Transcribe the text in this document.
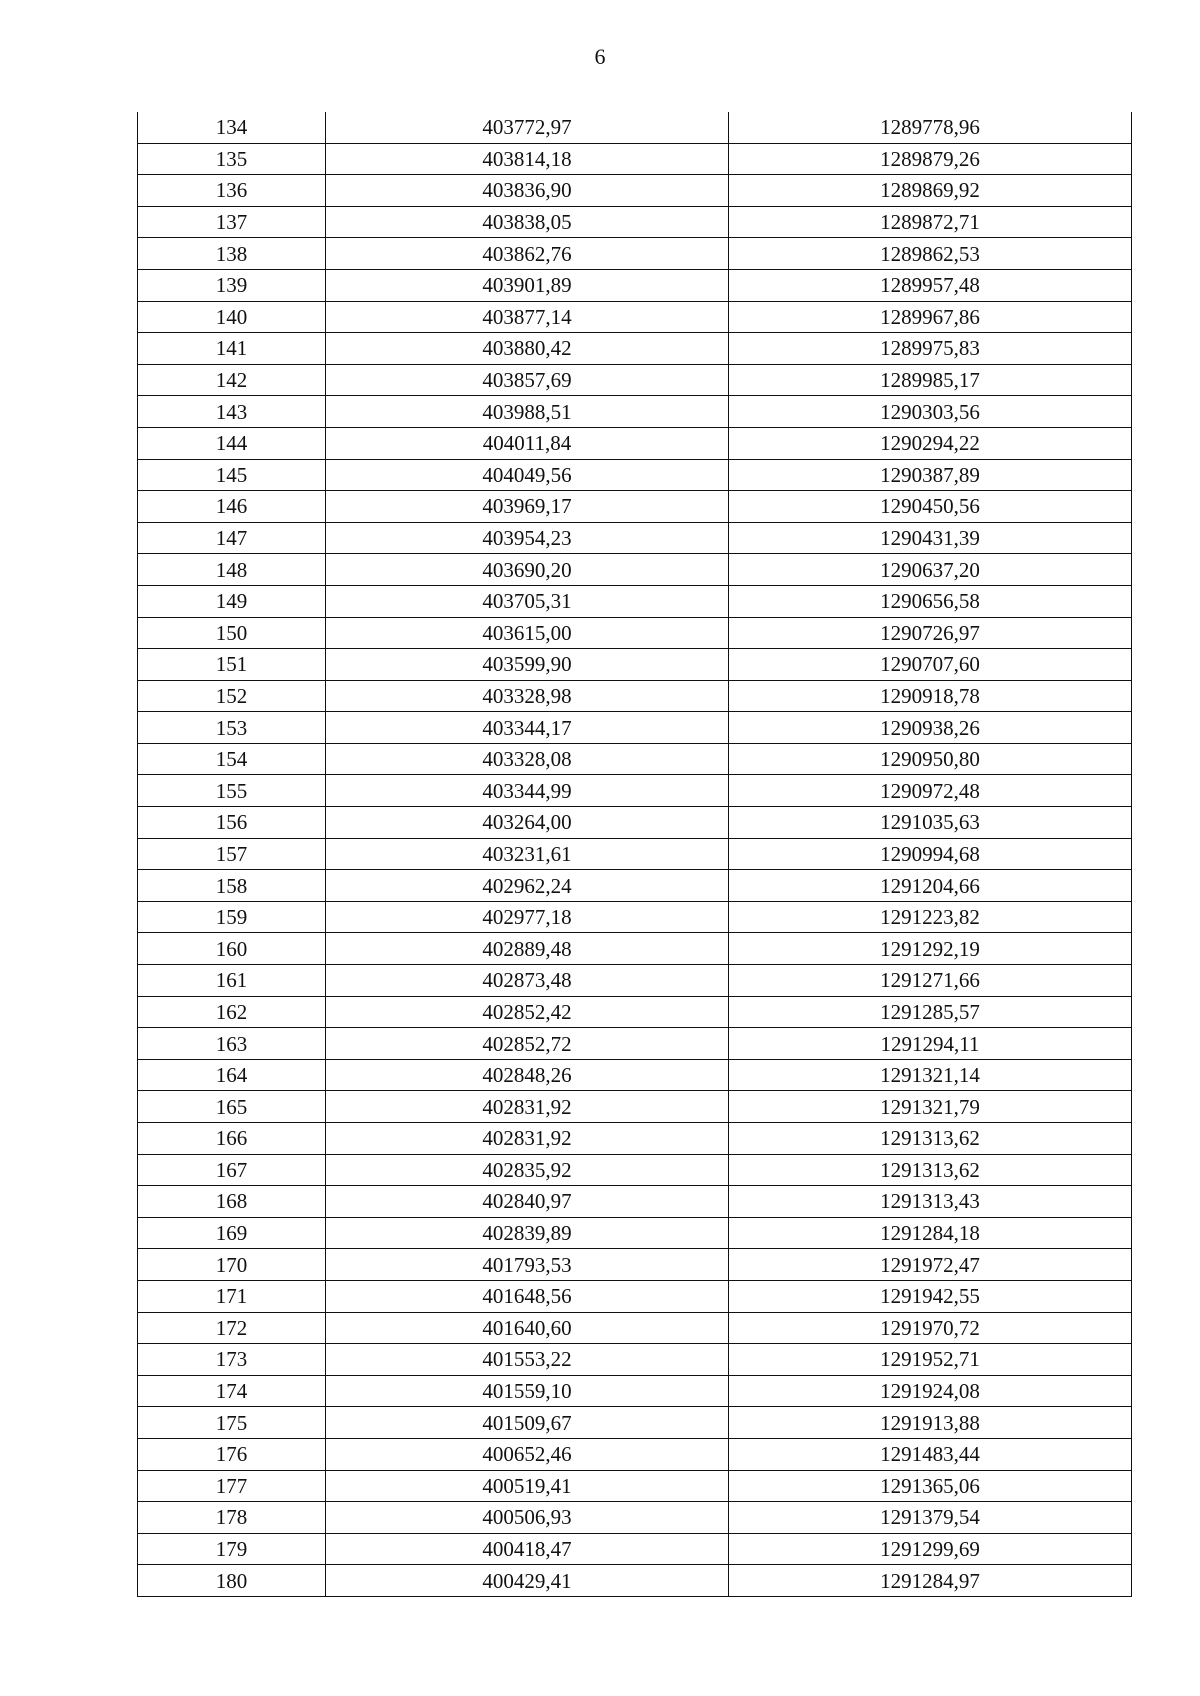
6
134	403772,97	1289778,96
135	403814,18	1289879,26
136	403836,90	1289869,92
137	403838,05	1289872,71
138	403862,76	1289862,53
139	403901,89	1289957,48
140	403877,14	1289967,86
141	403880,42	1289975,83
142	403857,69	1289985,17
143	403988,51	1290303,56
144	404011,84	1290294,22
145	404049,56	1290387,89
146	403969,17	1290450,56
147	403954,23	1290431,39
148	403690,20	1290637,20
149	403705,31	1290656,58
150	403615,00	1290726,97
151	403599,90	1290707,60
152	403328,98	1290918,78
153	403344,17	1290938,26
154	403328,08	1290950,80
155	403344,99	1290972,48
156	403264,00	1291035,63
157	403231,61	1290994,68
158	402962,24	1291204,66
159	402977,18	1291223,82
160	402889,48	1291292,19
161	402873,48	1291271,66
162	402852,42	1291285,57
163	402852,72	1291294,11
164	402848,26	1291321,14
165	402831,92	1291321,79
166	402831,92	1291313,62
167	402835,92	1291313,62
168	402840,97	1291313,43
169	402839,89	1291284,18
170	401793,53	1291972,47
171	401648,56	1291942,55
172	401640,60	1291970,72
173	401553,22	1291952,71
174	401559,10	1291924,08
175	401509,67	1291913,88
176	400652,46	1291483,44
177	400519,41	1291365,06
178	400506,93	1291379,54
179	400418,47	1291299,69
180	400429,41	1291284,97
